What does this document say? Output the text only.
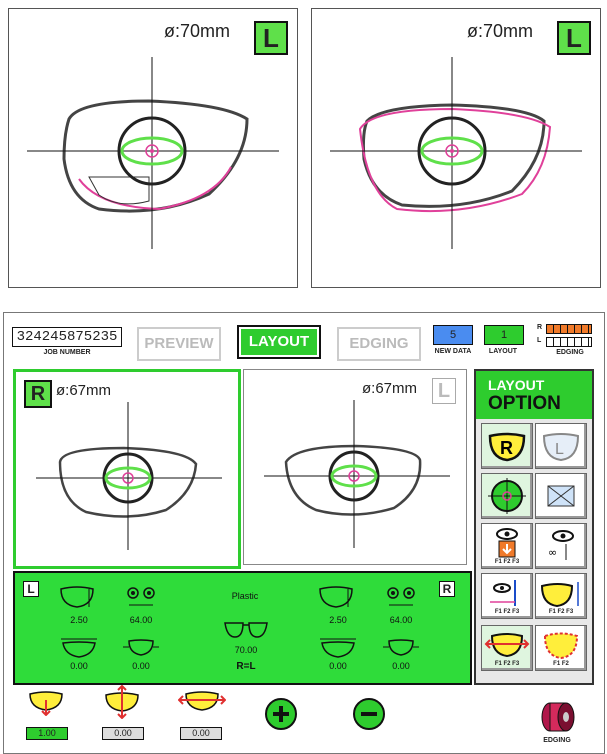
ø:70mm	L	ø:70mm	L
324245875235
JOB NUMBER
PREVIEW	LAYOUT	EDGING	5
NEW DATA
1
LAYOUT
R
L
EDGING
R ø:67mm	ø:67mm L	LAYOUT
OPTION
R	L
F1 F2 F3
∞
F1 F2 F3	F1 F2 F3
F1 F2 F3	F1 F2
L	R
2.50	64.00
0.00	0.00
Plastic
70.00
R=L
2.50	64.00
0.00	0.00
1.00	0.00	0.00
EDGING
